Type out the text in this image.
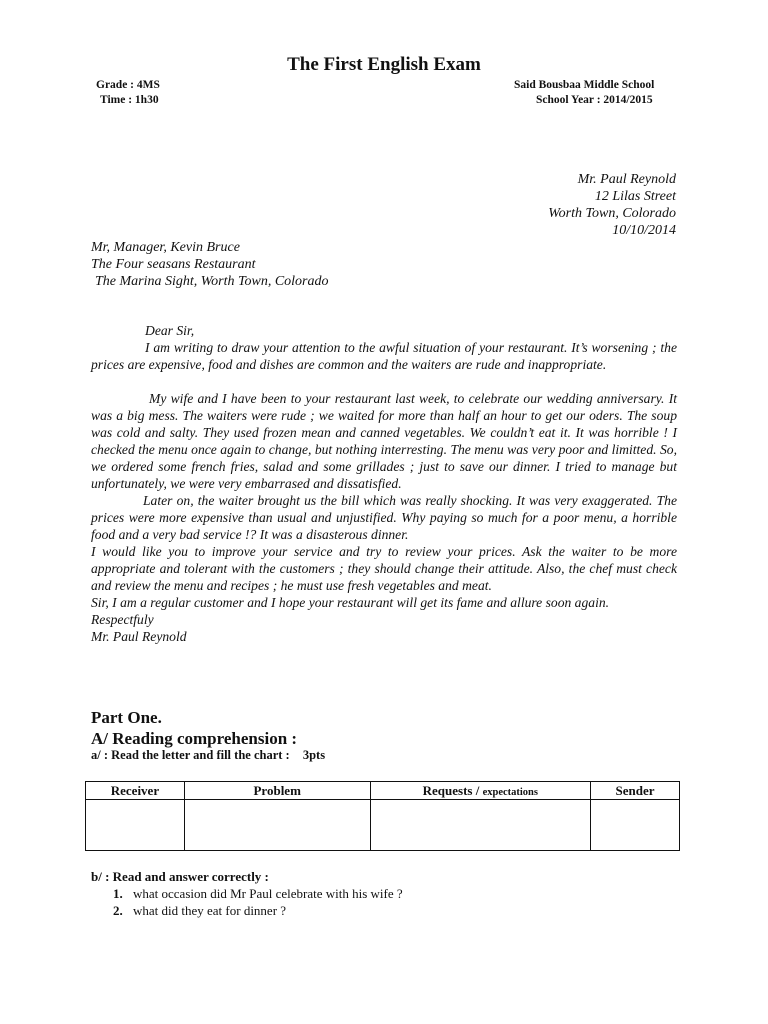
The First English Exam
Grade : 4MS
Time : 1h30
Said Bousbaa Middle School
School Year : 2014/2015
Mr. Paul Reynold
12 Lilas Street
Worth Town, Colorado
10/10/2014
Mr, Manager, Kevin Bruce
The Four seasans Restaurant
The Marina Sight, Worth Town, Colorado

Dear Sir,

I am writing to draw your attention to the awful situation of your restaurant. It’s worsening ; the prices are expensive, food and dishes are common and the waiters are rude and inappropriate.

My wife and I have been to your restaurant last week, to celebrate our wedding anniversary. It was a big mess. The waiters were rude ; we waited for more than half an hour to get our oders. The soup was cold and salty. They used frozen mean and canned vegetables. We couldn’t eat it. It was horrible ! I checked the menu once again to change, but nothing interresting. The menu was very poor and limitted. So, we ordered some french fries, salad and some grillades ; just to save our dinner. I tried to manage but unfortunately, we were very embarrased and dissatisfied.

Later on, the waiter brought us the bill which was really shocking. It was very exaggerated. The prices were more expensive than usual and unjustified. Why paying so much for a poor menu, a horrible food and a very bad service !? It was a disasterous dinner.

I would like you to improve your service and try to review your prices. Ask the waiter to be more appropriate and tolerant with the customers ; they should change their attitude. Also, the chef must check and review the menu and recipes ; he must use fresh vegetables and meat.

Sir, I am a regular customer and I hope your restaurant will get its fame and allure soon again.

Respectfuly

Mr. Paul Reynold

Part One.
A/ Reading comprehension :
a/ : Read the letter and fill the chart : 3pts
Receiver	Problem	Requests / expectations	Sender

b/ : Read and answer correctly :
1. what occasion did Mr Paul celebrate with his wife ?
2. what did they eat for dinner ?
